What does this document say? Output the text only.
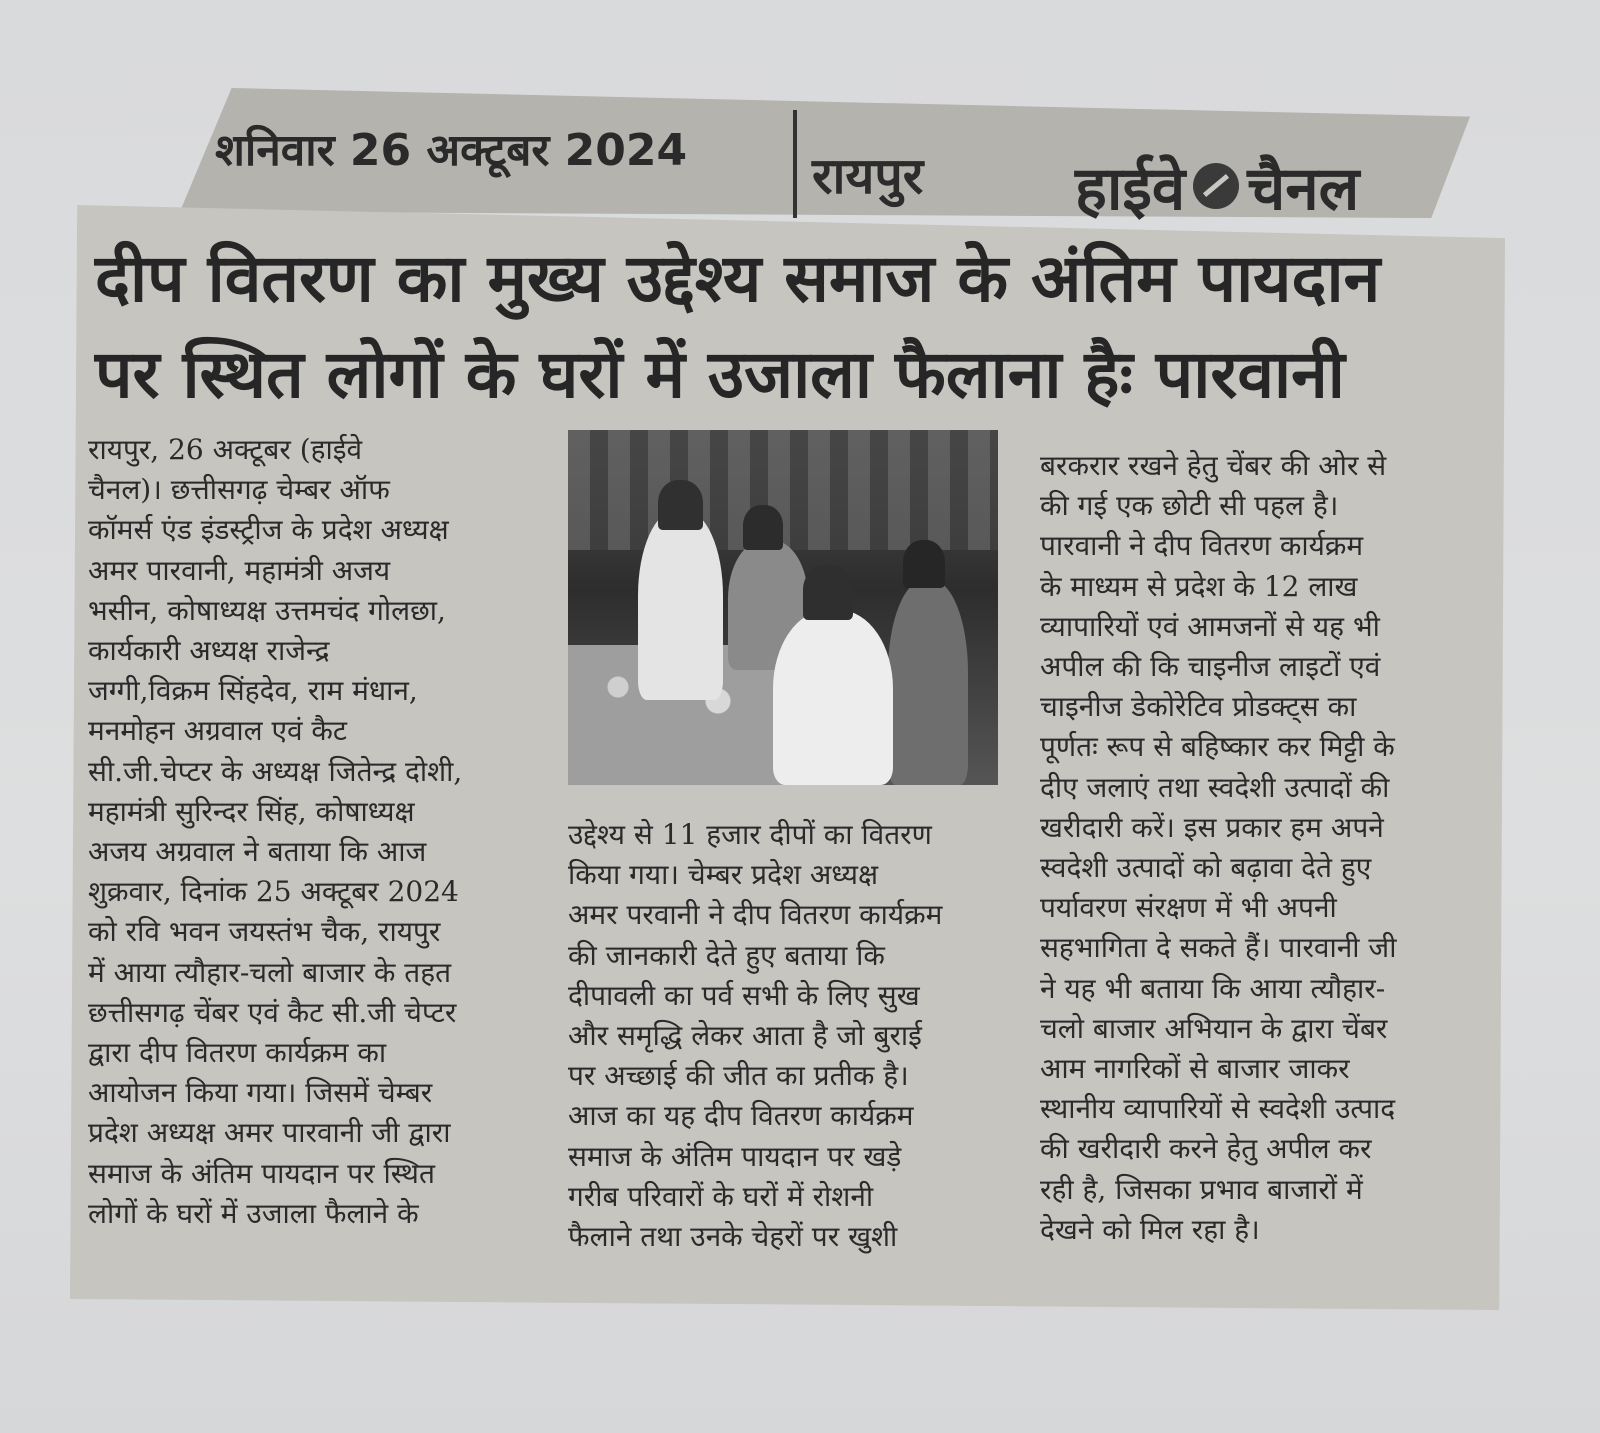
शनिवार 26 अक्टूबर 2024 रायपुर	हाईवे चैनल
दीप वितरण का मुख्य उद्देश्य समाज के अंतिम पायदान
पर स्थित लोगों के घरों में उजाला फैलाना हैः पारवानी
रायपुर, 26 अक्टूबर (हाईवे
चैनल)। छत्तीसगढ़ चेम्बर ऑफ
कॉमर्स एंड इंडस्ट्रीज के प्रदेश अध्यक्ष
अमर पारवानी, महामंत्री अजय
भसीन, कोषाध्यक्ष उत्तमचंद गोलछा,
कार्यकारी अध्यक्ष राजेन्द्र
जग्गी,विक्रम सिंहदेव, राम मंधान,
मनमोहन अग्रवाल एवं कैट
सी.जी.चेप्टर के अध्यक्ष जितेन्द्र दोशी,
महामंत्री सुरिन्दर सिंह, कोषाध्यक्ष
अजय अग्रवाल ने बताया कि आज
शुक्रवार, दिनांक 25 अक्टूबर 2024
को रवि भवन जयस्तंभ चैक, रायपुर
में आया त्यौहार-चलो बाजार के तहत
छत्तीसगढ़ चेंबर एवं कैट सी.जी चेप्टर
द्वारा दीप वितरण कार्यक्रम का
आयोजन किया गया। जिसमें चेम्बर
प्रदेश अध्यक्ष अमर पारवानी जी द्वारा
समाज के अंतिम पायदान पर स्थित
लोगों के घरों में उजाला फैलाने के
उद्देश्य से 11 हजार दीपों का वितरण
किया गया। चेम्बर प्रदेश अध्यक्ष
अमर परवानी ने दीप वितरण कार्यक्रम
की जानकारी देते हुए बताया कि
दीपावली का पर्व सभी के लिए सुख
और समृद्धि लेकर आता है जो बुराई
पर अच्छाई की जीत का प्रतीक है।
आज का यह दीप वितरण कार्यक्रम
समाज के अंतिम पायदान पर खड़े
गरीब परिवारों के घरों में रोशनी
फैलाने तथा उनके चेहरों पर खुशी
बरकरार रखने हेतु चेंबर की ओर से
की गई एक छोटी सी पहल है।
पारवानी ने दीप वितरण कार्यक्रम
के माध्यम से प्रदेश के 12 लाख
व्यापारियों एवं आमजनों से यह भी
अपील की कि चाइनीज लाइटों एवं
चाइनीज डेकोरेटिव प्रोडक्ट्स का
पूर्णतः रूप से बहिष्कार कर मिट्टी के
दीए जलाएं तथा स्वदेशी उत्पादों की
खरीदारी करें। इस प्रकार हम अपने
स्वदेशी उत्पादों को बढ़ावा देते हुए
पर्यावरण संरक्षण में भी अपनी
सहभागिता दे सकते हैं। पारवानी जी
ने यह भी बताया कि आया त्यौहार-
चलो बाजार अभियान के द्वारा चेंबर
आम नागरिकों से बाजार जाकर
स्थानीय व्यापारियों से स्वदेशी उत्पाद
की खरीदारी करने हेतु अपील कर
रही है, जिसका प्रभाव बाजारों में
देखने को मिल रहा है।
